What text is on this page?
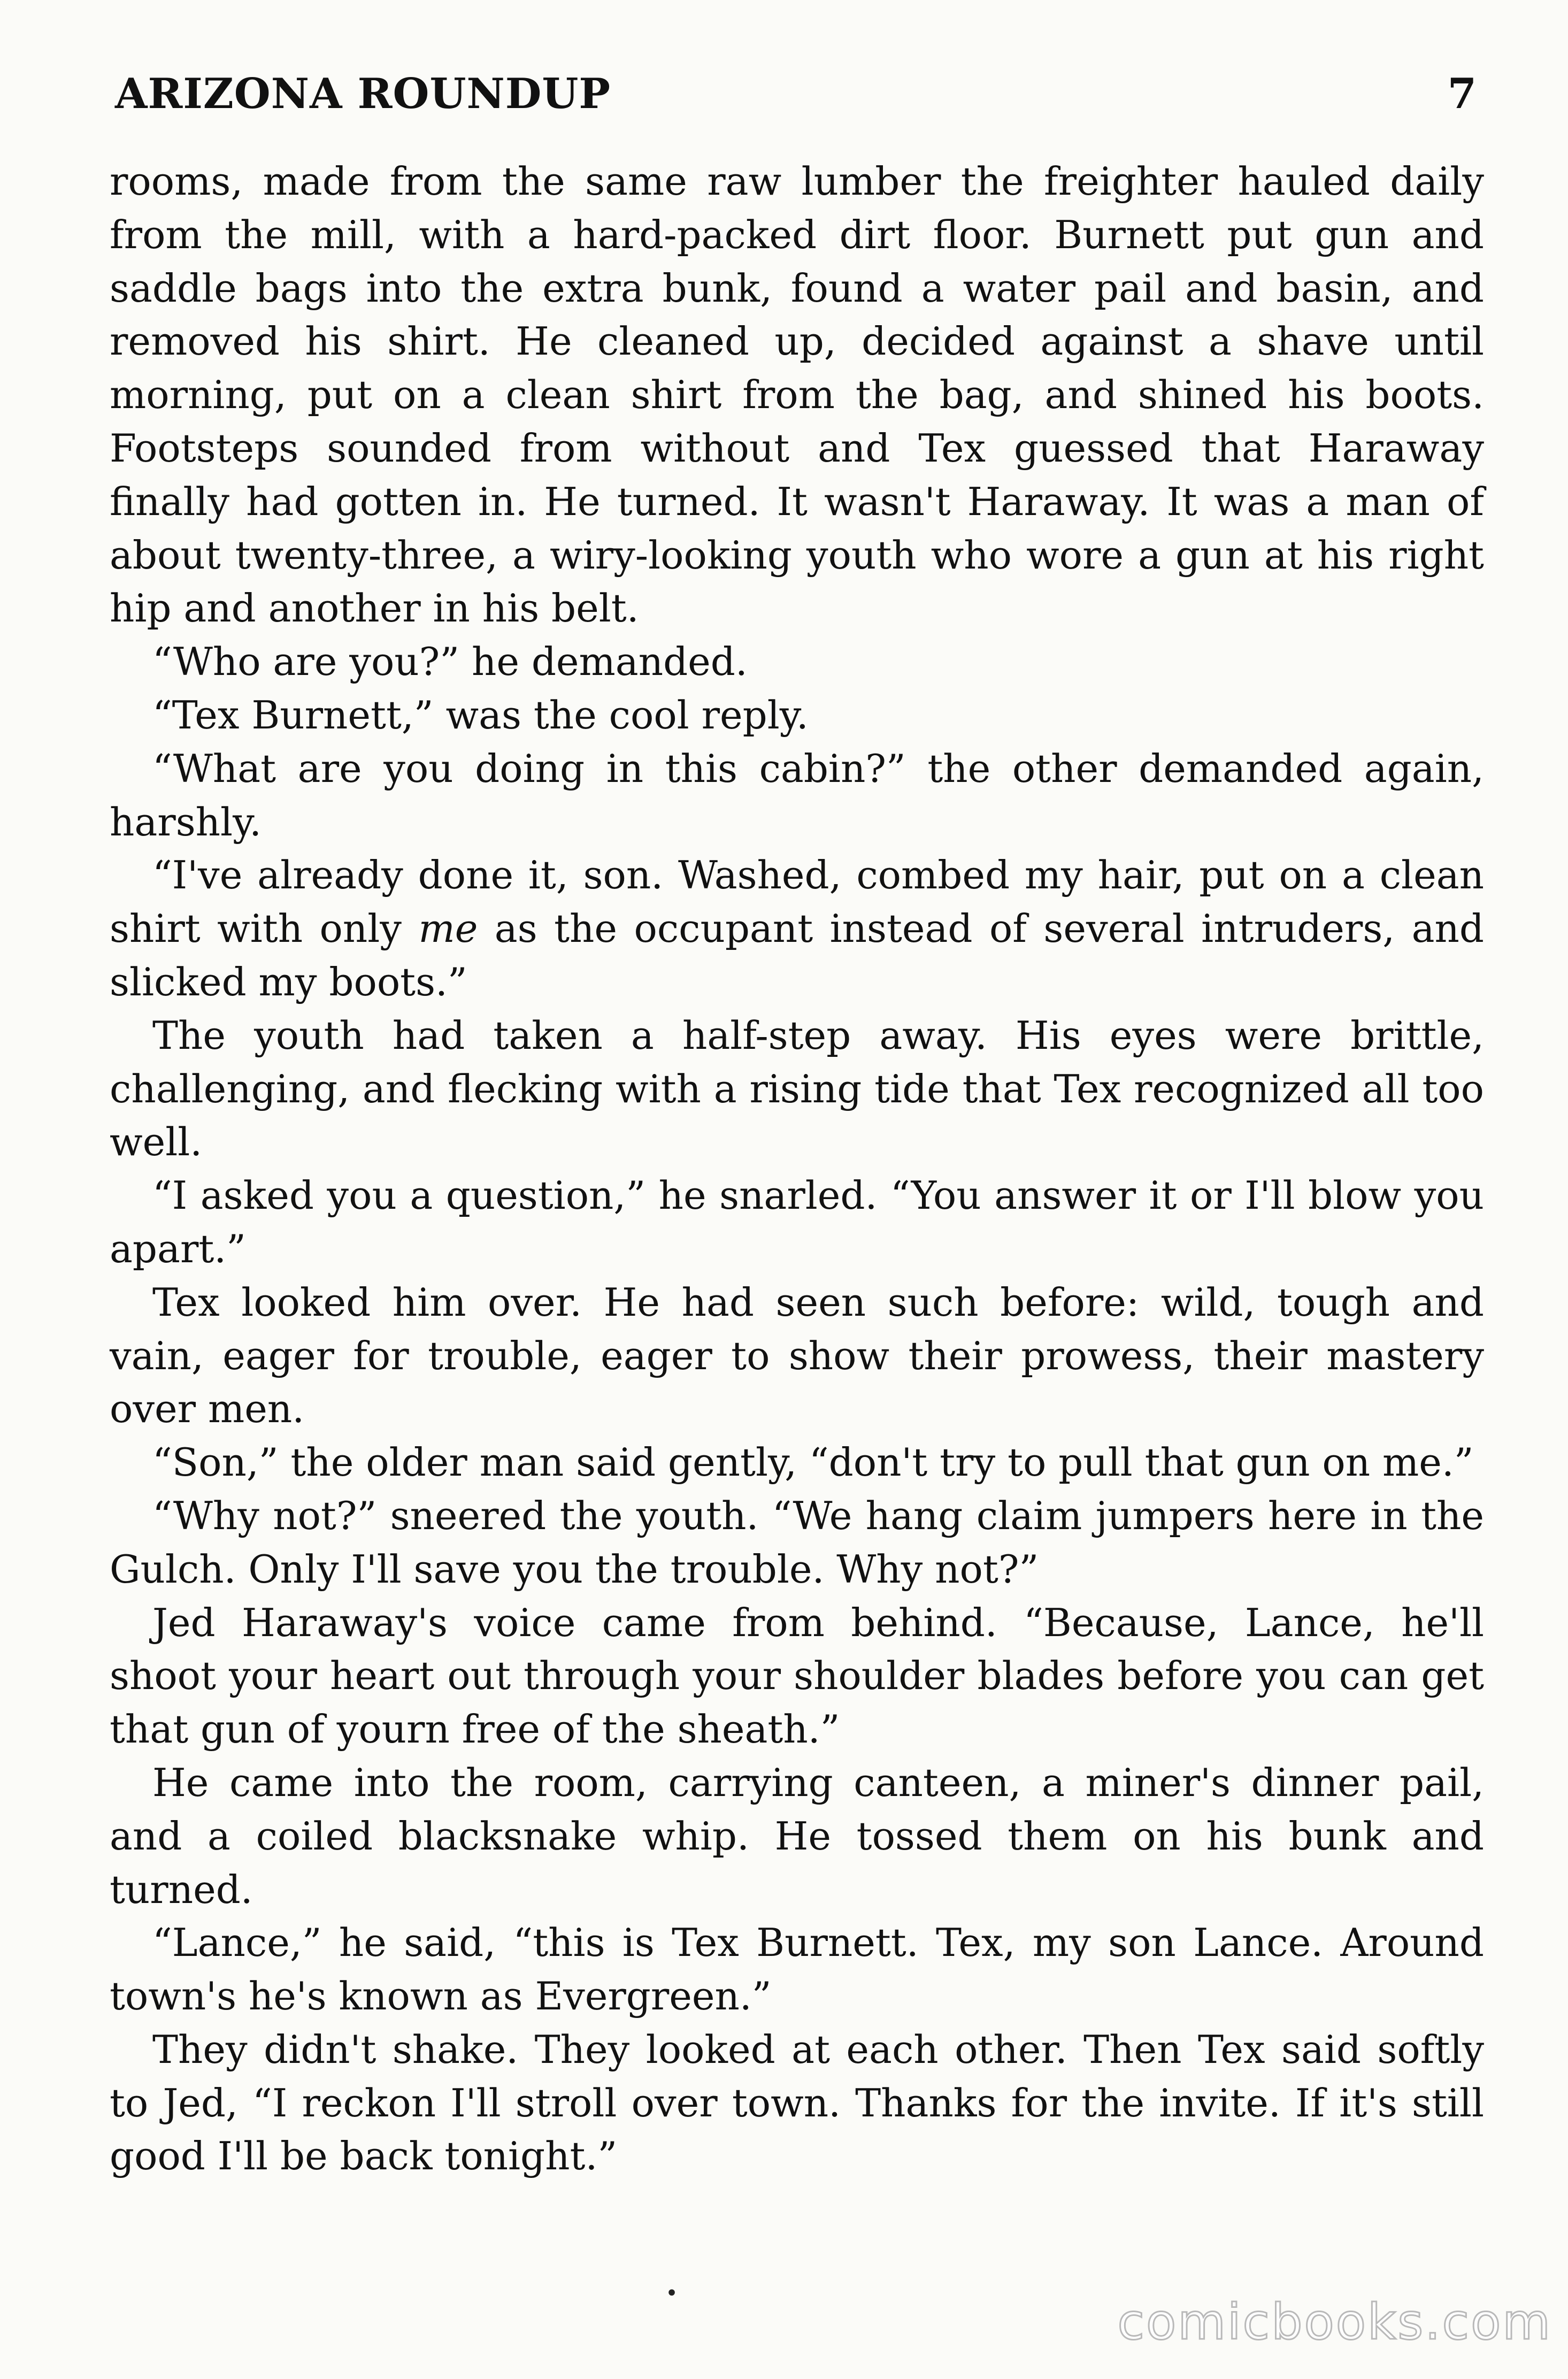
ARIZONA ROUNDUP	7

rooms, made from the same raw lumber the freighter hauled daily from the mill, with a hard-packed dirt floor. Burnett put gun and saddle bags into the extra bunk, found a water pail and basin, and removed his shirt. He cleaned up, decided against a shave until morning, put on a clean shirt from the bag, and shined his boots. Footsteps sounded from without and Tex guessed that Haraway finally had gotten in. He turned. It wasn't Haraway. It was a man of about twenty-three, a wiry-looking youth who wore a gun at his right hip and another in his belt.

“Who are you?” he demanded.

“Tex Burnett,” was the cool reply.

“What are you doing in this cabin?” the other demanded again, harshly.

“I've already done it, son. Washed, combed my hair, put on a clean shirt with only me as the occupant instead of several intruders, and slicked my boots.”

The youth had taken a half-step away. His eyes were brittle, challenging, and flecking with a rising tide that Tex recognized all too well.

“I asked you a question,” he snarled. “You answer it or I'll blow you apart.”

Tex looked him over. He had seen such before: wild, tough and vain, eager for trouble, eager to show their prowess, their mastery over men.

“Son,” the older man said gently, “don't try to pull that gun on me.”

“Why not?” sneered the youth. “We hang claim jumpers here in the Gulch. Only I'll save you the trouble. Why not?”

Jed Haraway's voice came from behind. “Because, Lance, he'll shoot your heart out through your shoulder blades before you can get that gun of yourn free of the sheath.”

He came into the room, carrying canteen, a miner's dinner pail, and a coiled blacksnake whip. He tossed them on his bunk and turned.

“Lance,” he said, “this is Tex Burnett. Tex, my son Lance. Around town's he's known as Evergreen.”

They didn't shake. They looked at each other. Then Tex said softly to Jed, “I reckon I'll stroll over town. Thanks for the invite. If it's still good I'll be back tonight.”

•	comicbooks.com
